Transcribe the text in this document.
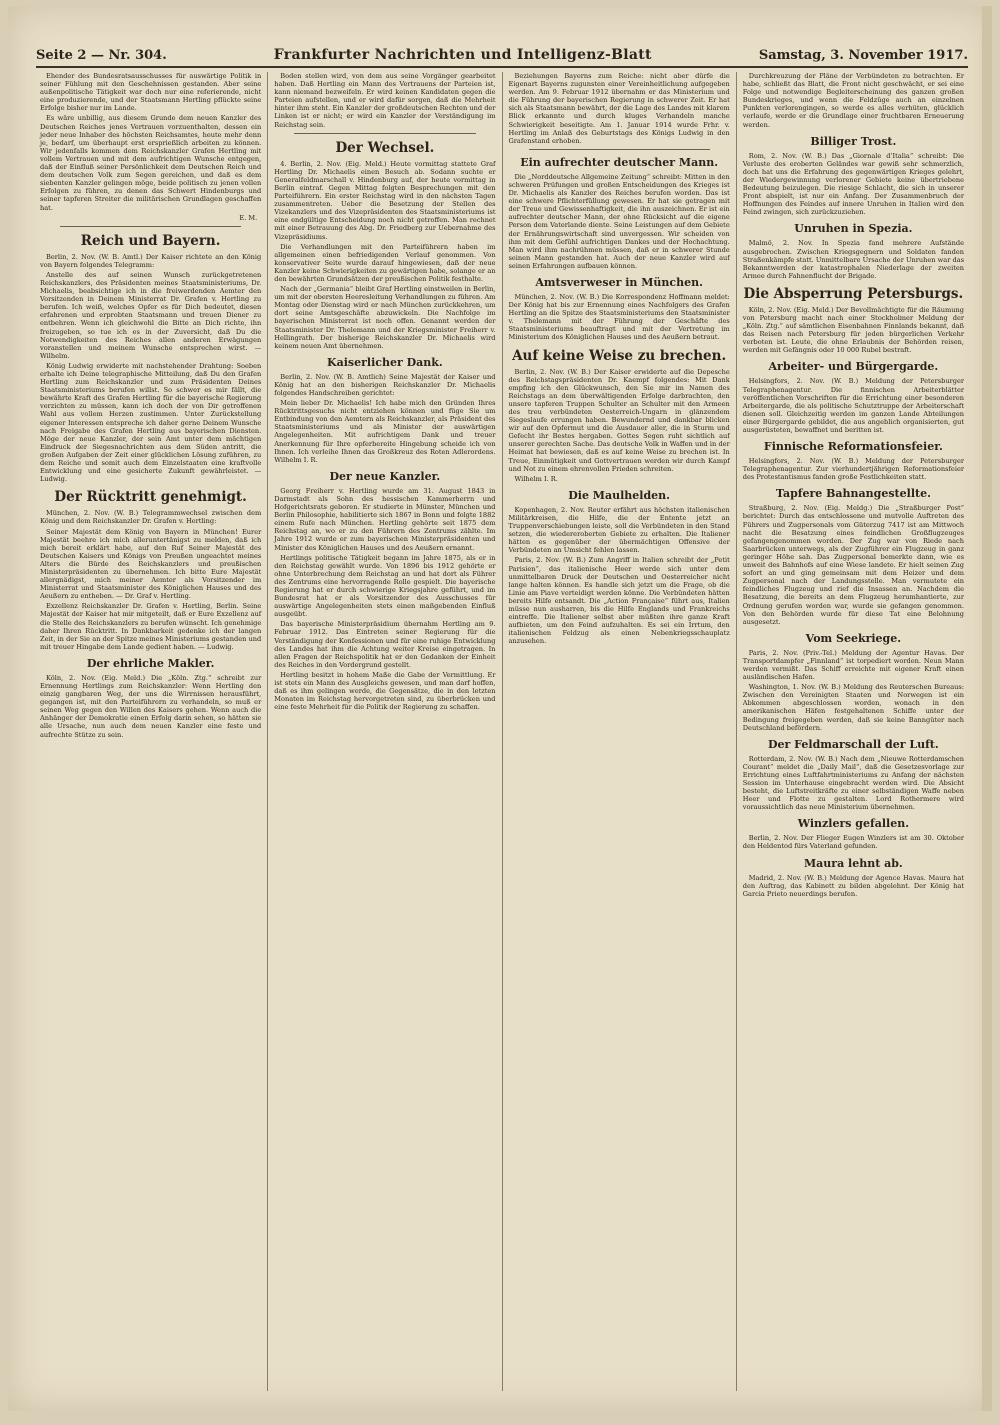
Seite 2 — Nr. 304.	Frankfurter Nachrichten und Intelligenz-Blatt	Samstag, 3. November 1917.

Ehender des Bundesratsausschusses für auswärtige Politik in seiner Fühlung mit den Geschehnissen gestanden. Aber seine außenpolitische Tätigkeit war doch nur eine referierende, nicht eine produzierende, und der Staatsmann Hertling pflückte seine Erfolge bisher nur im Lande.

Es wäre unbillig, aus diesem Grunde dem neuen Kanzler des Deutschen Reiches jenes Vertrauen vorzuenthalten, dessen ein jeder neue Inhaber des höchsten Reichsamtes, heute mehr denn je, bedarf, um überhaupt erst ersprießlich arbeiten zu können. Wir jedenfalls kommen dem Reichskanzler Grafen Hertling mit vollem Vertrauen und mit dem aufrichtigen Wunsche entgegen, daß der Einfluß seiner Persönlichkeit dem Deutschen Reich und dem deutschen Volk zum Segen gereichen, und daß es dem siebenten Kanzler gelingen möge, beide politisch zu jenen vollen Erfolgen zu führen, zu denen das Schwert Hindenburgs und seiner tapferen Streiter die militärischen Grundlagen geschaffen hat.

E. M.
Reich und Bayern.

Berlin, 2. Nov. (W. B. Amtl.) Der Kaiser richtete an den König von Bayern folgendes Telegramm:

Anstelle des auf seinen Wunsch zurückgetretenen Reichskanzlers, des Präsidenten meines Staatsministeriums, Dr. Michaelis, beabsichtige ich in die freiwerdenden Aemter den Vorsitzenden in Deinem Ministerrat Dr. Grafen v. Hertling zu berufen. Ich weiß, welches Opfer es für Dich bedeutet, diesen erfahrenen und erprobten Staatsmann und treuen Diener zu entbehren. Wenn ich gleichwohl die Bitte an Dich richte, ihn freizugeben, so tue ich es in der Zuversicht, daß Du die Notwendigkeiten des Reiches allen anderen Erwägungen voranstellen und meinem Wunsche entsprechen wirst. — Wilhelm.

König Ludwig erwiderte mit nachstehender Drahtung: Soeben erhalte ich Deine telegraphische Mitteilung, daß Du den Grafen Hertling zum Reichskanzler und zum Präsidenten Deines Staatsministeriums berufen willst. So schwer es mir fällt, die bewährte Kraft des Grafen Hertling für die bayerische Regierung verzichten zu müssen, kann ich doch der von Dir getroffenen Wahl aus vollem Herzen zustimmen. Unter Zurückstellung eigener Interessen entspreche ich daher gerne Deinem Wunsche nach Freigabe des Grafen Hertling aus bayerischen Diensten. Möge der neue Kanzler, der sein Amt unter dem mächtigen Eindruck der Siegesnachrichten aus dem Süden antritt, die großen Aufgaben der Zeit einer glücklichen Lösung zuführen, zu dem Reiche und somit auch dem Einzelstaaten eine kraftvolle Entwicklung und eine gesicherte Zukunft gewährleistet. — Ludwig.

Der Rücktritt genehmigt.

München, 2. Nov. (W. B.) Telegrammwechsel zwischen dem König und dem Reichskanzler Dr. Grafen v. Hertling:

Seiner Majestät dem König von Bayern in München! Eurer Majestät beehre ich mich alleruntertänigst zu melden, daß ich mich bereit erklärt habe, auf den Ruf Seiner Majestät des Deutschen Kaisers und Königs von Preußen ungeachtet meines Alters die Bürde des Reichskanzlers und preußischen Ministerpräsidenten zu übernehmen. Ich bitte Eure Majestät allergnädigst, mich meiner Aemter als Vorsitzender im Ministerrat und Staatsminister des Königlichen Hauses und des Aeußern zu entheben. — Dr. Graf v. Hertling.

Exzellenz Reichskanzler Dr. Grafen v. Hertling, Berlin. Seine Majestät der Kaiser hat mir mitgeteilt, daß er Eure Exzellenz auf die Stelle des Reichskanzlers zu berufen wünscht. Ich genehmige daher Ihren Rücktritt. In Dankbarkeit gedenke ich der langen Zeit, in der Sie an der Spitze meines Ministeriums gestanden und mit treuer Hingabe dem Lande gedient haben. — Ludwig.

Der ehrliche Makler.

Köln, 2. Nov. (Eig. Meld.) Die „Köln. Ztg.“ schreibt zur Ernennung Hertlings zum Reichskanzler: Wenn Hertling den einzig gangbaren Weg, der uns die Wirrnissen herausführt, gegangen ist, mit den Parteiführern zu verhandeln, so muß er seinen Weg gegen den Willen des Kaisers gehen. Wenn auch die Anhänger der Demokratie einen Erfolg darin sehen, so hätten sie alle Ursache, nun auch dem neuen Kanzler eine feste und aufrechte Stütze zu sein.

Boden stellen wird, von dem aus seine Vorgänger gearbeitet haben. Daß Hertling ein Mann des Vertrauens der Parteien ist, kann niemand bezweifeln. Er wird keinen Kandidaten gegen die Parteien aufstellen, und er wird dafür sorgen, daß die Mehrheit hinter ihm steht. Ein Kanzler der großdeutschen Rechten und der Linken ist er nicht; er wird ein Kanzler der Verständigung im Reichstag sein.

Der Wechsel.

4. Berlin, 2. Nov. (Eig. Meld.) Heute vormittag stattete Graf Hertling Dr. Michaelis einen Besuch ab. Sodann suchte er Generalfeldmarschall v. Hindenburg auf, der heute vormittag in Berlin eintraf. Gegen Mittag folgten Besprechungen mit den Parteiführern. Ein erster Reichstag wird in den nächsten Tagen zusammentreten. Ueber die Besetzung der Stellen des Vizekanzlers und des Vizepräsidenten des Staatsministeriums ist eine endgültige Entscheidung noch nicht getroffen. Man rechnet mit einer Betrauung des Abg. Dr. Friedberg zur Uebernahme des Vizepräsidiums.

Die Verhandlungen mit den Parteiführern haben im allgemeinen einen befriedigenden Verlauf genommen. Von konservativer Seite wurde darauf hingewiesen, daß der neue Kanzler keine Schwierigkeiten zu gewärtigen habe, solange er an den bewährten Grundsätzen der preußischen Politik festhalte.

Nach der „Germania“ bleibt Graf Hertling einstweilen in Berlin, um mit der obersten Heeresleitung Verhandlungen zu führen. Am Montag oder Dienstag wird er nach München zurückkehren, um dort seine Amtsgeschäfte abzuwickeln. Die Nachfolge im bayerischen Ministerrat ist noch offen. Genannt werden der Staatsminister Dr. Thelemann und der Kriegsminister Freiherr v. Hellingrath. Der bisherige Reichskanzler Dr. Michaelis wird keinem neuen Amt übernehmen.

Kaiserlicher Dank.

Berlin, 2. Nov. (W. B. Amtlich) Seine Majestät der Kaiser und König hat an den bisherigen Reichskanzler Dr. Michaelis folgendes Handschreiben gerichtet:

Mein lieber Dr. Michaelis! Ich habe mich den Gründen Ihres Rücktrittsgesuchs nicht entziehen können und füge Sie um Entbindung von den Aemtern als Reichskanzler, als Präsident des Staatsministeriums und als Minister der auswärtigen Angelegenheiten. Mit aufrichtigem Dank und treuer Anerkennung für Ihre opferbereite Hingebung scheide ich von Ihnen. Ich verleihe Ihnen das Großkreuz des Roten Adlerordens. Wilhelm I. R.

Der neue Kanzler.

Georg Freiherr v. Hertling wurde am 31. August 1843 in Darmstadt als Sohn des hessischen Kammerherrn und Hofgerichtsrats geboren. Er studierte in Münster, München und Berlin Philosophie, habilitierte sich 1867 in Bonn und folgte 1882 einem Rufe nach München. Hertling gehörte seit 1875 dem Reichstag an, wo er zu den Führern des Zentrums zählte. Im Jahre 1912 wurde er zum bayerischen Ministerpräsidenten und Minister des Königlichen Hauses und des Aeußern ernannt.

Hertlings politische Tätigkeit begann im Jahre 1875, als er in den Reichstag gewählt wurde. Von 1896 bis 1912 gehörte er ohne Unterbrechung dem Reichstag an und hat dort als Führer des Zentrums eine hervorragende Rolle gespielt. Die bayerische Regierung hat er durch schwierige Kriegsjahre geführt, und im Bundesrat hat er als Vorsitzender des Ausschusses für auswärtige Angelegenheiten stets einen maßgebenden Einfluß ausgeübt.

Das bayerische Ministerpräsidium übernahm Hertling am 9. Februar 1912. Das Eintreten seiner Regierung für die Verständigung der Konfessionen und für eine ruhige Entwicklung des Landes hat ihm die Achtung weiter Kreise eingetragen. In allen Fragen der Reichspolitik hat er den Gedanken der Einheit des Reiches in den Vordergrund gestellt.

Hertling besitzt in hohem Maße die Gabe der Vermittlung. Er ist stets ein Mann des Ausgleichs gewesen, und man darf hoffen, daß es ihm gelingen werde, die Gegensätze, die in den letzten Monaten im Reichstag hervorgetreten sind, zu überbrücken und eine feste Mehrheit für die Politik der Regierung zu schaffen.

Beziehungen Bayerns zum Reiche: nicht aber dürfe die Eigenart Bayerns zugunsten einer Vereinheitlichung aufgegeben werden. Am 9. Februar 1912 übernahm er das Ministerium und die Führung der bayerischen Regierung in schwerer Zeit. Er hat sich als Staatsmann bewährt, der die Lage des Landes mit klarem Blick erkannte und durch kluges Verhandeln manche Schwierigkeit beseitigte. Am 1. Januar 1914 wurde Frhr. v. Hertling im Anlaß des Geburtstags des Königs Ludwig in den Grafenstand erhoben.

Ein aufrechter deutscher Mann.

Die „Norddeutsche Allgemeine Zeitung“ schreibt: Mitten in den schweren Prüfungen und großen Entscheidungen des Krieges ist Dr. Michaelis als Kanzler des Reiches berufen worden. Das ist eine schwere Pflichterfüllung gewesen. Er hat sie getragen mit der Treue und Gewissenhaftigkeit, die ihn auszeichnen. Er ist ein aufrechter deutscher Mann, der ohne Rücksicht auf die eigene Person dem Vaterlande diente. Seine Leistungen auf dem Gebiete der Ernährungswirtschaft sind unvergessen. Wir scheiden von ihm mit dem Gefühl aufrichtigen Dankes und der Hochachtung. Man wird ihm nachrühmen müssen, daß er in schwerer Stunde seinen Mann gestanden hat. Auch der neue Kanzler wird auf seinen Erfahrungen aufbauen können.

Amtsverweser in München.

München, 2. Nov. (W. B.) Die Korrespondenz Hoffmann meldet: Der König hat bis zur Ernennung eines Nachfolgers des Grafen Hertling an die Spitze des Staatsministeriums den Staatsminister v. Thelemann mit der Führung der Geschäfte des Staatsministeriums beauftragt und mit der Vertretung im Ministerium des Königlichen Hauses und des Aeußern betraut.

Auf keine Weise zu brechen.

Berlin, 2. Nov. (W. B.) Der Kaiser erwiderte auf die Depesche des Reichstagspräsidenten Dr. Kaempf folgendes: Mit Dank empfing ich den Glückwunsch, den Sie mir im Namen des Reichstags an dem überwältigenden Erfolge darbrachten, den unsere tapferen Truppen Schulter an Schulter mit den Armeen des treu verbündeten Oesterreich-Ungarn in glänzendem Siegeslaufe errungen haben. Bewundernd und dankbar blicken wir auf den Opfermut und die Ausdauer aller, die in Sturm und Gefecht ihr Bestes hergaben. Gottes Segen ruht sichtlich auf unserer gerechten Sache. Das deutsche Volk in Waffen und in der Heimat hat bewiesen, daß es auf keine Weise zu brechen ist. In Treue, Einmütigkeit und Gottvertrauen werden wir durch Kampf und Not zu einem ehrenvollen Frieden schreiten.

Wilhelm I. R.

Die Maulhelden.

Kopenhagen, 2. Nov. Reuter erfährt aus höchsten italienischen Militärkreisen, die Hilfe, die der Entente jetzt an Truppenverschiebungen leiste, soll die Verbündeten in den Stand setzen, die wiedereroberten Gebiete zu erhalten. Die Italiener hätten es gegenüber der übermächtigen Offensive der Verbündeten an Umsicht fehlen lassen.

Paris, 2. Nov. (W. B.) Zum Angriff in Italien schreibt der „Petit Parisien“, das italienische Heer werde sich unter dem unmittelbaren Druck der Deutschen und Oesterreicher nicht lange halten können. Es handle sich jetzt um die Frage, ob die Linie am Piave verteidigt werden könne. Die Verbündeten hätten bereits Hilfe entsandt. Die „Action Française“ führt aus, Italien müsse nun ausharren, bis die Hilfe Englands und Frankreichs eintreffe. Die Italiener selbst aber müßten ihre ganze Kraft aufbieten, um den Feind aufzuhalten. Es sei ein Irrtum, den italienischen Feldzug als einen Nebenkriegsschauplatz anzusehen.

Durchkreuzung der Pläne der Verbündeten zu betrachten. Er habe, schließt das Blatt, die Front nicht geschwächt, er sei eine Folge und notwendige Begleiterscheinung des ganzen großen Bundeskrieges, und wenn die Feldzüge auch an einzelnen Punkten verlorengingen, so werde es alles verhüten, glücklich verlaufe, werde er die Grundlage einer fruchtbaren Erneuerung werden.

Billiger Trost.

Rom, 2. Nov. (W. B.) Das „Giornale d’Italia“ schreibt: Die Verluste des eroberten Geländes war gewiß sehr schmerzlich, doch hat uns die Erfahrung des gegenwärtigen Krieges gelehrt, der Wiedergewinnung verlorener Gebiete keine übertriebene Bedeutung beizulegen. Die riesige Schlacht, die sich in unserer Front abspielt, ist nur ein Anfang. Der Zusammenbruch der Hoffnungen des Feindes auf innere Unruhen in Italien wird den Feind zwingen, sich zurückzuziehen.

Unruhen in Spezia.

Malmö, 2. Nov. In Spezia fand mehrere Aufstände ausgebrochen. Zwischen Kriegsgegnern und Soldaten fanden Straßenkämpfe statt. Unmittelbare Ursache der Unruhen war das Bekanntwerden der katastrophalen Niederlage der zweiten Armee durch Fahnenflucht der Brigade.

Die Absperrung Petersburgs.

Köln, 2. Nov. (Eig. Meld.) Der Bevollmächtigte für die Räumung von Petersburg macht nach einer Stockholmer Meldung der „Köln. Ztg.“ auf sämtlichen Eisenbahnen Finnlands bekannt, daß das Reisen nach Petersburg für jeden bürgerlichen Verkehr verboten ist. Leute, die ohne Erlaubnis der Behörden reisen, werden mit Gefängnis oder 10 000 Rubel bestraft.

Arbeiter- und Bürgergarde.

Helsingfors, 2. Nov. (W. B.) Meldung der Petersburger Telegraphenagentur. Die finnischen Arbeiterblätter veröffentlichen Vorschriften für die Errichtung einer besonderen Arbeitergarde, die als politische Schutztruppe der Arbeiterschaft dienen soll. Gleichzeitig werden im ganzen Lande Abteilungen einer Bürgergarde gebildet, die aus angeblich organisierten, gut ausgerüsteten, bewaffnet und beritten ist.

Finnische Reformationsfeier.

Helsingfors, 2. Nov. (W. B.) Meldung der Petersburger Telegraphenagentur. Zur vierhundertjährigen Reformationsfeier des Protestantismus fanden große Festlichkeiten statt.

Tapfere Bahnangestellte.

Straßburg, 2. Nov. (Eig. Meldg.) Die „Straßburger Post“ berichtet: Durch das entschlossene und mutvolle Auftreten des Führers und Zugpersonals vom Güterzug 7417 ist am Mittwoch nacht die Besatzung eines feindlichen Großflugzeuges gefangengenommen worden. Der Zug war von Riede nach Saarbrücken unterwegs, als der Zugführer ein Flugzeug in ganz geringer Höhe sah. Das Zugpersonal bemerkte dann, wie es unweit des Bahnhofs auf eine Wiese landete. Er hielt seinen Zug sofort an und ging gemeinsam mit dem Heizer und dem Zugpersonal nach der Landungsstelle. Man vermutete ein feindliches Flugzeug und rief die Insassen an. Nachdem die Besatzung, die bereits an dem Flugzeug herumhantierte, zur Ordnung gerufen worden war, wurde sie gefangen genommen. Von den Behörden wurde für diese Tat eine Belohnung ausgesetzt.

Vom Seekriege.

Paris, 2. Nov. (Priv.-Tel.) Meldung der Agentur Havas. Der Transportdampfer „Finnland“ ist torpediert worden. Neun Mann werden vermißt. Das Schiff erreichte mit eigener Kraft einen ausländischen Hafen.

Washington, 1. Nov. (W. B.) Meldung des Reuterschen Bureaus: Zwischen den Vereinigten Staaten und Norwegen ist ein Abkommen abgeschlossen worden, wonach in den amerikanischen Häfen festgehaltenen Schiffe unter der Bedingung freigegeben werden, daß sie keine Banngüter nach Deutschland befördern.

Der Feldmarschall der Luft.

Rotterdam, 2. Nov. (W. B.) Nach dem „Nieuwe Rotterdamschen Courant“ meldet die „Daily Mail“, daß die Gesetzesvorlage zur Errichtung eines Luftfahrtministeriums zu Anfang der nächsten Session im Unterhause eingebracht werden wird. Die Absicht besteht, die Luftstreitkräfte zu einer selbständigen Waffe neben Heer und Flotte zu gestalten. Lord Rothermere wird voraussichtlich das neue Ministerium übernehmen.

Winzlers gefallen.

Berlin, 2. Nov. Der Flieger Eugen Winzlers ist am 30. Oktober den Heldentod fürs Vaterland gefunden.

Maura lehnt ab.

Madrid, 2. Nov. (W. B.) Meldung der Agence Havas. Maura hat den Auftrag, das Kabinett zu bilden abgelehnt. Der König hat Garcia Prieto neuerdings berufen.
